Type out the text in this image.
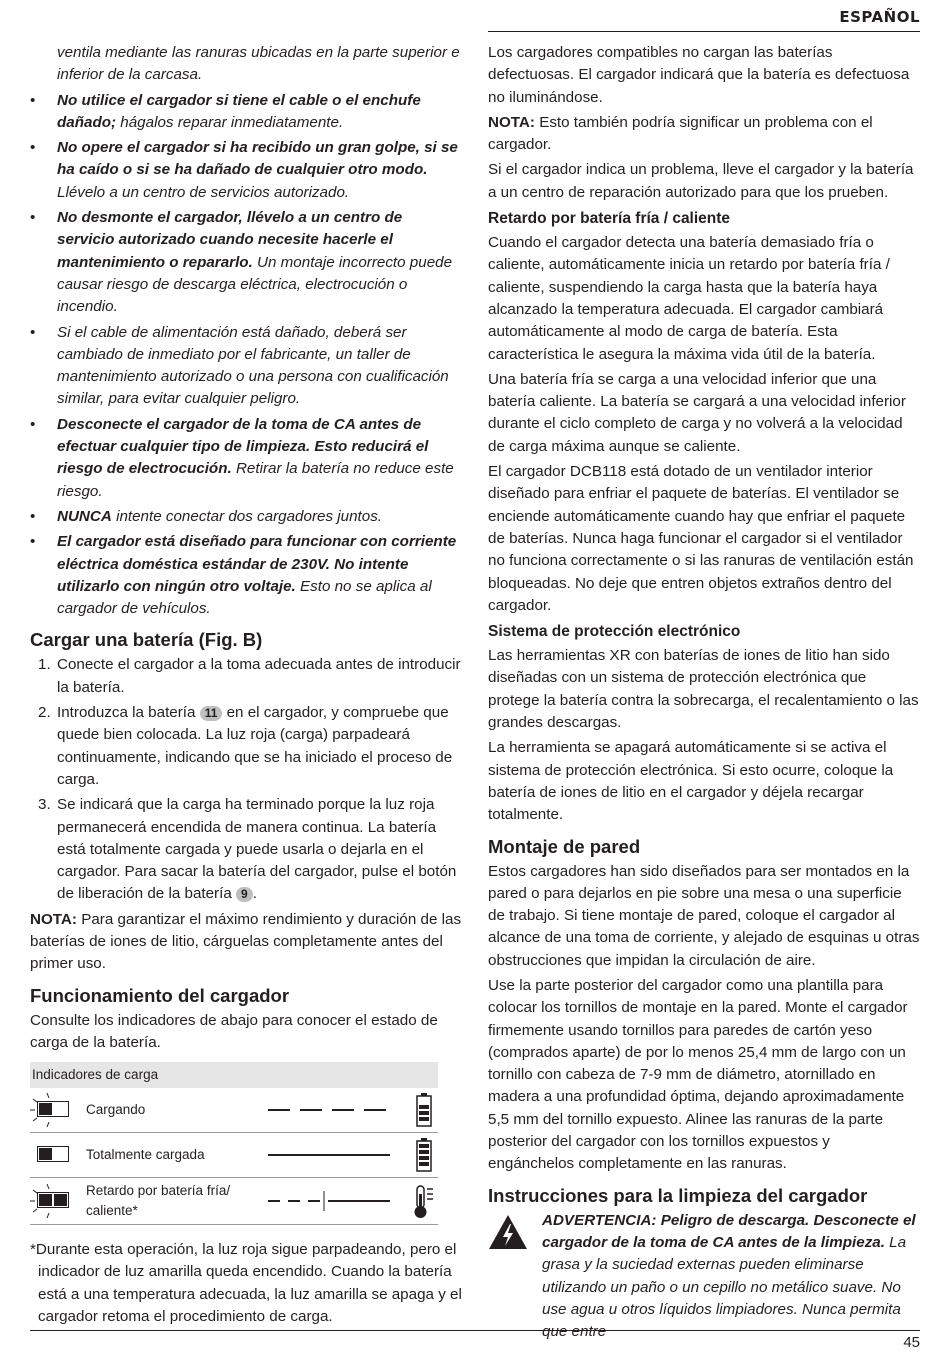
ESPAÑOL

ventila mediante las ranuras ubicadas en la parte superior e inferior de la carcasa.

• No utilice el cargador si tiene el cable o el enchufe dañado; hágalos reparar inmediatamente.
• No opere el cargador si ha recibido un gran golpe, si se ha caído o si se ha dañado de cualquier otro modo. Llévelo a un centro de servicios autorizado.
• No desmonte el cargador, llévelo a un centro de servicio autorizado cuando necesite hacerle el mantenimiento o repararlo. Un montaje incorrecto puede causar riesgo de descarga eléctrica, electrocución o incendio.
• Si el cable de alimentación está dañado, deberá ser cambiado de inmediato por el fabricante, un taller de mantenimiento autorizado o una persona con cualificación similar, para evitar cualquier peligro.
• Desconecte el cargador de la toma de CA antes de efectuar cualquier tipo de limpieza. Esto reducirá el riesgo de electrocución. Retirar la batería no reduce este riesgo.
• NUNCA intente conectar dos cargadores juntos.
• El cargador está diseñado para funcionar con corriente eléctrica doméstica estándar de 230V. No intente utilizarlo con ningún otro voltaje. Esto no se aplica al cargador de vehículos.
Cargar una batería (Fig. B)
1. Conecte el cargador a la toma adecuada antes de introducir la batería.
2. Introduzca la batería 11 en el cargador, y compruebe que quede bien colocada. La luz roja (carga) parpadeará continuamente, indicando que se ha iniciado el proceso de carga.
3. Se indicará que la carga ha terminado porque la luz roja permanecerá encendida de manera continua. La batería está totalmente cargada y puede usarla o dejarla en el cargador. Para sacar la batería del cargador, pulse el botón de liberación de la batería 9 .

NOTA: Para garantizar el máximo rendimiento y duración de las baterías de iones de litio, cárguelas completamente antes del primer uso.

Funcionamiento del cargador

Consulte los indicadores de abajo para conocer el estado de carga de la batería.

Indicadores de carga
Cargando
Totalmente cargada
Retardo por batería fría/ caliente*

*Durante esta operación, la luz roja sigue parpadeando, pero el indicador de luz amarilla queda encendido. Cuando la batería está a una temperatura adecuada, la luz amarilla se apaga y el cargador retoma el procedimiento de carga.

Los cargadores compatibles no cargan las baterías defectuosas. El cargador indicará que la batería es defectuosa no iluminándose.

NOTA: Esto también podría significar un problema con el cargador.

Si el cargador indica un problema, lleve el cargador y la batería a un centro de reparación autorizado para que los prueben.

Retardo por batería fría / caliente

Cuando el cargador detecta una batería demasiado fría o caliente, automáticamente inicia un retardo por batería fría / caliente, suspendiendo la carga hasta que la batería haya alcanzado la temperatura adecuada. El cargador cambiará automáticamente al modo de carga de batería. Esta característica le asegura la máxima vida útil de la batería.

Una batería fría se carga a una velocidad inferior que una batería caliente. La batería se cargará a una velocidad inferior durante el ciclo completo de carga y no volverá a la velocidad de carga máxima aunque se caliente.

El cargador DCB118 está dotado de un ventilador interior diseñado para enfriar el paquete de baterías. El ventilador se enciende automáticamente cuando hay que enfriar el paquete de baterías. Nunca haga funcionar el cargador si el ventilador no funciona correctamente o si las ranuras de ventilación están bloqueadas. No deje que entren objetos extraños dentro del cargador.

Sistema de protección electrónico

Las herramientas XR con baterías de iones de litio han sido diseñadas con un sistema de protección electrónica que protege la batería contra la sobrecarga, el recalentamiento o las grandes descargas.

La herramienta se apagará automáticamente si se activa el sistema de protección electrónica. Si esto ocurre, coloque la batería de iones de litio en el cargador y déjela recargar totalmente.

Montaje de pared

Estos cargadores han sido diseñados para ser montados en la pared o para dejarlos en pie sobre una mesa o una superficie de trabajo. Si tiene montaje de pared, coloque el cargador al alcance de una toma de corriente, y alejado de esquinas u otras obstrucciones que impidan la circulación de aire.

Use la parte posterior del cargador como una plantilla para colocar los tornillos de montaje en la pared. Monte el cargador firmemente usando tornillos para paredes de cartón yeso (comprados aparte) de por lo menos 25,4 mm de largo con un tornillo con cabeza de 7-9 mm de diámetro, atornillado en madera a una profundidad óptima, dejando aproximadamente 5,5 mm del tornillo expuesto. Alinee las ranuras de la parte posterior del cargador con los tornillos expuestos y engánchelos completamente en las ranuras.

Instrucciones para la limpieza del cargador

ADVERTENCIA: Peligro de descarga. Desconecte el cargador de la toma de CA antes de la limpieza. La grasa y la suciedad externas pueden eliminarse utilizando un paño o un cepillo no metálico suave. No use agua u otros líquidos limpiadores. Nunca permita que entre

45
